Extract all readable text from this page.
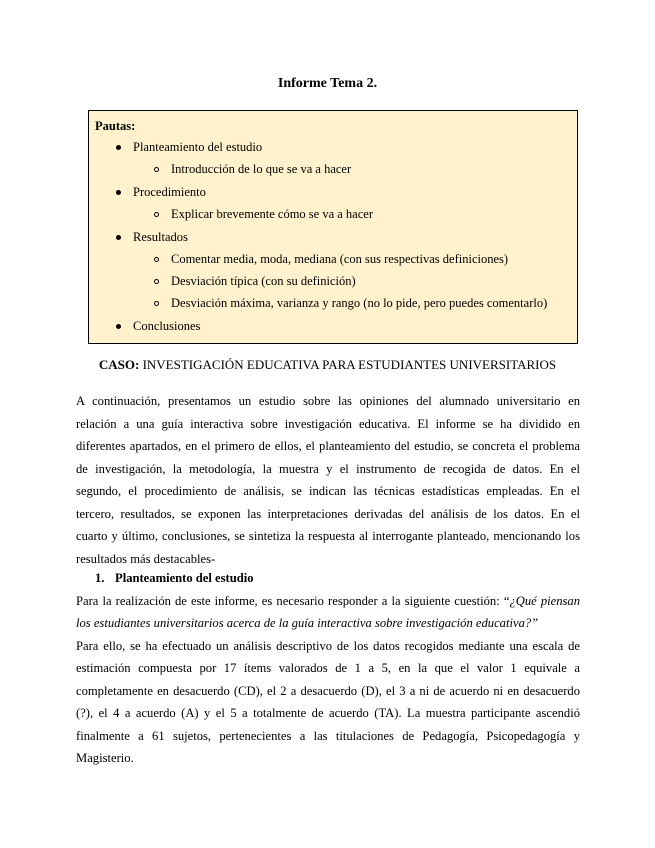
Informe Tema 2.
Pautas:
Planteamiento del estudio
Introducción de lo que se va a hacer
Procedimiento
Explicar brevemente cómo se va a hacer
Resultados
Comentar media, moda, mediana (con sus respectivas definiciones)
Desviación típica (con su definición)
Desviación máxima, varianza y rango (no lo pide, pero puedes comentarlo)
Conclusiones
CASO: INVESTIGACIÓN EDUCATIVA PARA ESTUDIANTES UNIVERSITARIOS
A continuación, presentamos un estudio sobre las opiniones del alumnado universitario en
relación a una guía interactiva sobre investigación educativa. El informe se ha dividido en
diferentes apartados, en el primero de ellos, el planteamiento del estudio, se concreta el problema
de investigación, la metodología, la muestra y el instrumento de recogida de datos. En el
segundo, el procedimiento de análisis, se indican las técnicas estadísticas empleadas. En el
tercero, resultados, se exponen las interpretaciones derivadas del análisis de los datos. En el
cuarto y último, conclusiones, se sintetiza la respuesta al interrogante planteado, mencionando los
resultados más destacables-
1. Planteamiento del estudio
Para la realización de este informe, es necesario responder a la siguiente cuestión: “¿Qué piensan
los estudiantes universitarios acerca de la guía interactiva sobre investigación educativa?”
Para ello, se ha efectuado un análisis descriptivo de los datos recogidos mediante una escala de
estimación compuesta por 17 ítems valorados de 1 a 5, en la que el valor 1 equivale a
completamente en desacuerdo (CD), el 2 a desacuerdo (D), el 3 a ni de acuerdo ni en desacuerdo
(?), el 4 a acuerdo (A) y el 5 a totalmente de acuerdo (TA). La muestra participante ascendió
finalmente a 61 sujetos, pertenecientes a las titulaciones de Pedagogía, Psicopedagogía y
Magisterio.
